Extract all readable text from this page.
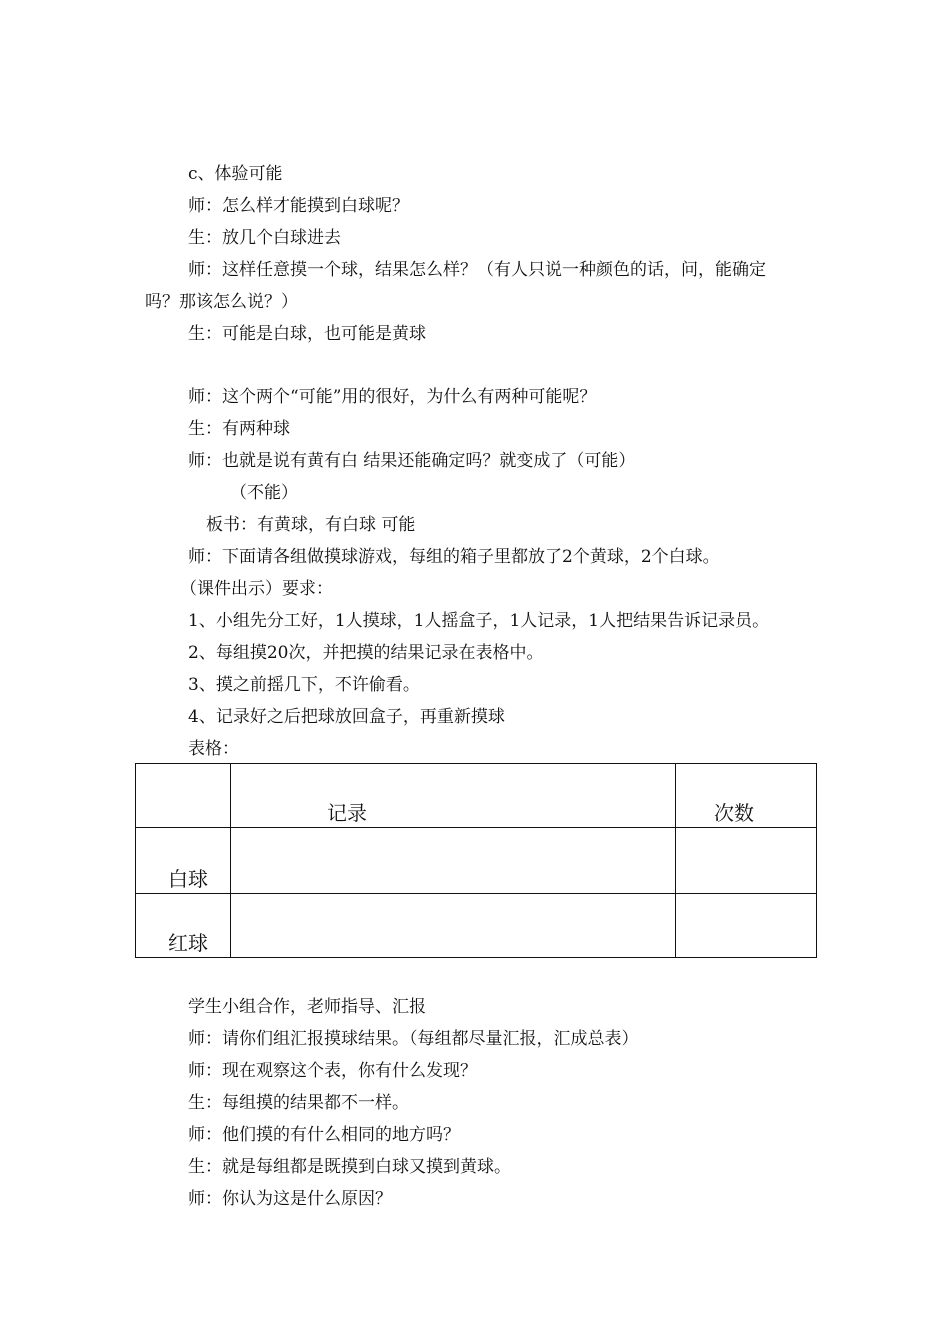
c、体验可能
师：怎么样才能摸到白球呢？
生：放几个白球进去
师：这样任意摸一个球，结果怎么样？（有人只说一种颜色的话，问，能确定
吗？那该怎么说？）
生：可能是白球，也可能是黄球
师：这个两个“可能”用的很好，为什么有两种可能呢？
生：有两种球
师：也就是说有黄有白 结果还能确定吗？就变成了（可能）
（不能）
板书：有黄球，有白球 可能
师：下面请各组做摸球游戏，每组的箱子里都放了2个黄球，2个白球。
（课件出示）要求：
1、小组先分工好，1人摸球，1人摇盒子，1人记录，1人把结果告诉记录员。
2、每组摸20次，并把摸的结果记录在表格中。
3、摸之前摇几下，不许偷看。
4、记录好之后把球放回盒子，再重新摸球
表格：
	记录	次数
白球		
红球		
学生小组合作，老师指导、汇报
师：请你们组汇报摸球结果。（每组都尽量汇报，汇成总表）
师：现在观察这个表，你有什么发现？
生：每组摸的结果都不一样。
师：他们摸的有什么相同的地方吗？
生：就是每组都是既摸到白球又摸到黄球。
师：你认为这是什么原因？
